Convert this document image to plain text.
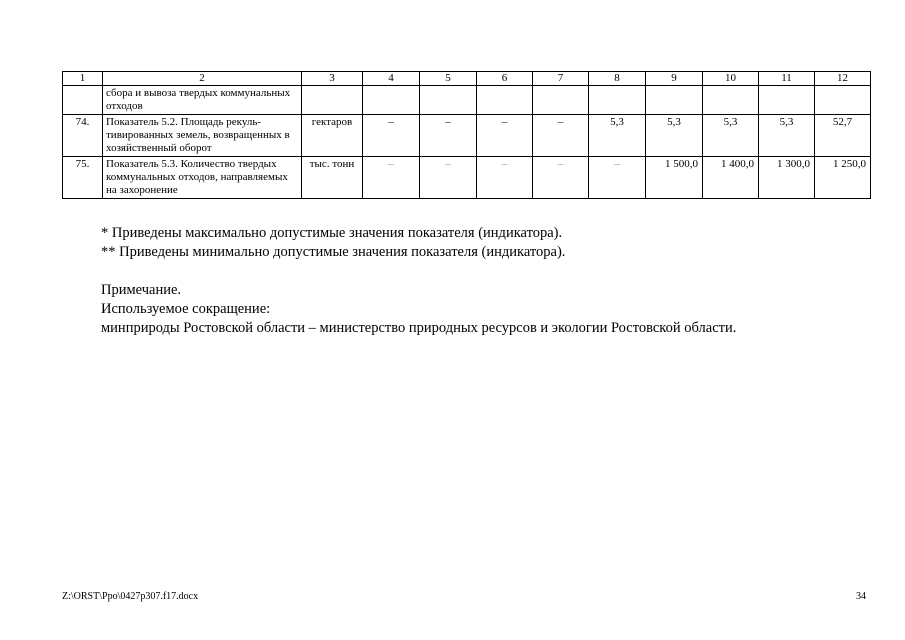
1	2	3	4	5	6	7	8	9	10	11	12
	сбора и вывоза твердых коммунальных отходов										
74.	Показатель 5.2. Площадь рекультивированных земель, возвращенных в хозяйственный оборот	гектаров	–	–	–	–	5,3	5,3	5,3	5,3	52,7
75.	Показатель 5.3. Количество твердых коммунальных отходов, направляемых на захоронение	тыс. тонн	–	–	–	–	–	1 500,0	1 400,0	1 300,0	1 250,0

* Приведены максимально допустимые значения показателя (индикатора).

** Приведены минимально допустимые значения показателя (индикатора).

Примечание.

Используемое сокращение:

минприроды Ростовской области – министерство природных ресурсов и экологии Ростовской области.

Z:\ORST\Ppo\0427p307.f17.docx	34
